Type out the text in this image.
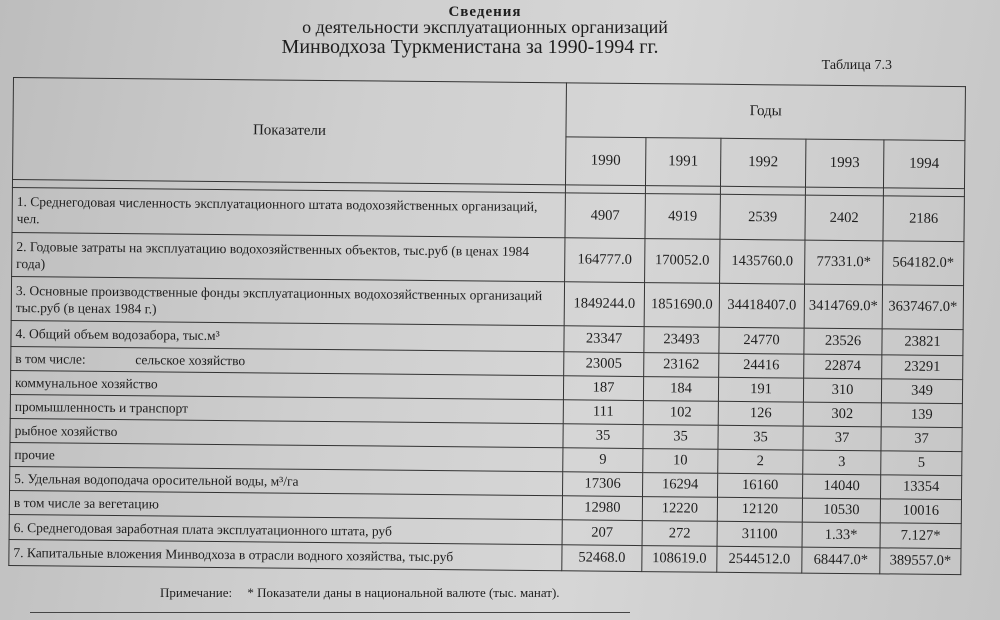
Сведения
о деятельности эксплуатационных организаций
Минводхоза Туркменистана за 1990-1994 гг.
Таблица 7.3
Показатели	Годы				
	1990	1991	1992	1993	1994

1. Среднегодовая численность эксплуатационного штата водохозяйственных организаций, чел.	4907	4919	2539	2402	2186
2. Годовые затраты на эксплуатацию водохозяйственных объектов, тыс.руб (в ценах 1984 года)	164777.0	170052.0	1435760.0	77331.0*	564182.0*
3. Основные производственные фонды эксплуатационных водохозяйственных организаций тыс.руб (в ценах 1984 г.)	1849244.0	1851690.0	34418407.0	3414769.0*	3637467.0*
4. Общий объем водозабора, тыс.м³	23347	23493	24770	23526	23821
в том числе: сельское хозяйство	23005	23162	24416	22874	23291
коммунальное хозяйство	187	184	191	310	349
промышленность и транспорт	111	102	126	302	139
рыбное хозяйство	35	35	35	37	37
прочие	9	10	2	3	5
5. Удельная водоподача оросительной воды, м³/га	17306	16294	16160	14040	13354
в том числе за вегетацию	12980	12220	12120	10530	10016
6. Среднегодовая заработная плата эксплуатационного штата, руб	207	272	31100	1.33*	7.127*
7. Капитальные вложения Минводхоза в отрасли водного хозяйства, тыс.руб	52468.0	108619.0	2544512.0	68447.0*	389557.0*
Примечание: * Показатели даны в национальной валюте (тыс. манат).
